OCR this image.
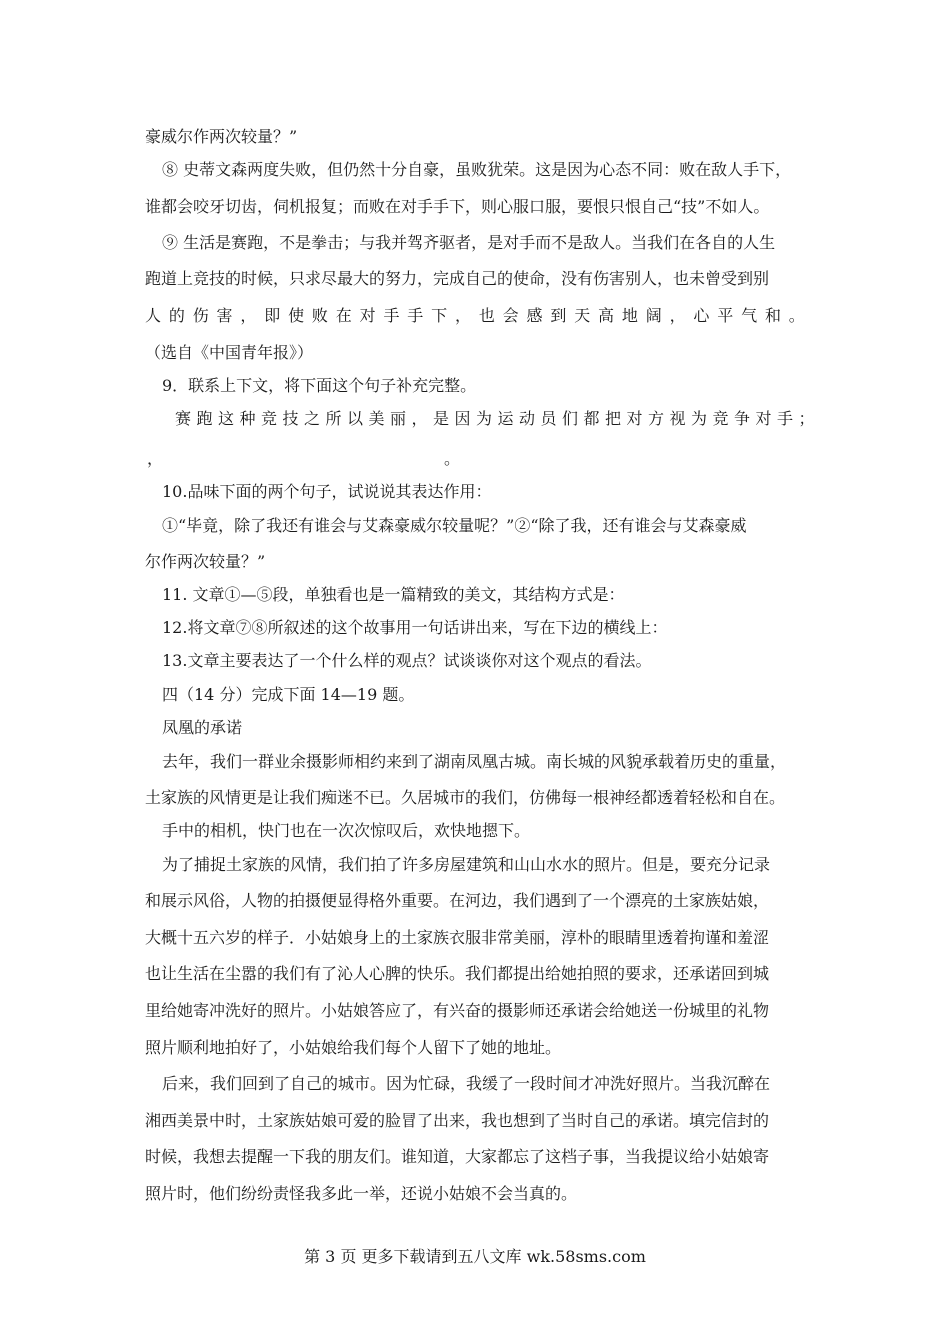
豪威尔作两次较量？”
⑧ 史蒂文森两度失败，但仍然十分自豪，虽败犹荣。这是因为心态不同：败在敌人手下，
谁都会咬牙切齿，伺机报复；而败在对手手下，则心服口服，要恨只恨自己“技”不如人。
⑨ 生活是赛跑，不是拳击；与我并驾齐驱者，是对手而不是敌人。当我们在各自的人生
跑道上竞技的时候，只求尽最大的努力，完成自己的使命，没有伤害别人，也未曾受到别
人 的 伤 害 ， 即 使 败 在 对 手 手 下 ， 也 会 感 到 天 高 地 阔 ， 心 平 气 和 。
（选自《中国青年报》）
9．联系上下文，将下面这个句子补充完整。
赛跑这种竞技之所以美丽，是因为运动员们都把对方视为竞争对手；
，	。
10.品味下面的两个句子，试说说其表达作用：
①“毕竟，除了我还有谁会与艾森豪威尔较量呢？”②“除了我，还有谁会与艾森豪威
尔作两次较量？”
11. 文章①—⑤段，单独看也是一篇精致的美文，其结构方式是：
12.将文章⑦⑧所叙述的这个故事用一句话讲出来，写在下边的横线上：
13.文章主要表达了一个什么样的观点？试谈谈你对这个观点的看法。
四（14 分）完成下面 14—19 题。
凤凰的承诺
去年，我们一群业余摄影师相约来到了湖南凤凰古城。南长城的风貌承载着历史的重量，
土家族的风情更是让我们痴迷不已。久居城市的我们，仿佛每一根神经都透着轻松和自在。
手中的相机，快门也在一次次惊叹后，欢快地摁下。
为了捕捉土家族的风情，我们拍了许多房屋建筑和山山水水的照片。但是，要充分记录
和展示风俗，人物的拍摄便显得格外重要。在河边，我们遇到了一个漂亮的土家族姑娘，
大概十五六岁的样子．小姑娘身上的土家族衣服非常美丽，淳朴的眼睛里透着拘谨和羞涩
也让生活在尘嚣的我们有了沁人心脾的快乐。我们都提出给她拍照的要求，还承诺回到城
里给她寄冲洗好的照片。小姑娘答应了，有兴奋的摄影师还承诺会给她送一份城里的礼物
照片顺利地拍好了，小姑娘给我们每个人留下了她的地址。
后来，我们回到了自己的城市。因为忙碌，我缓了一段时间才冲洗好照片。当我沉醉在
湘西美景中时，土家族姑娘可爱的脸冒了出来，我也想到了当时自己的承诺。填完信封的
时候，我想去提醒一下我的朋友们。谁知道，大家都忘了这档子事，当我提议给小姑娘寄
照片时，他们纷纷责怪我多此一举，还说小姑娘不会当真的。
第 3 页 更多下载请到五八文库 wk.58sms.com
